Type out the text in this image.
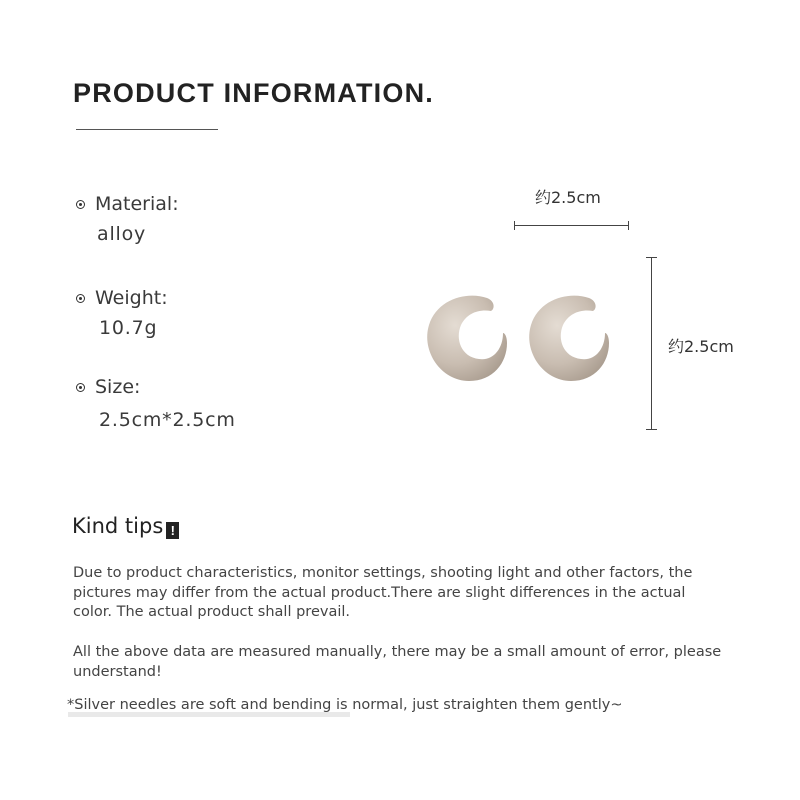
PRODUCT INFORMATION.
Material:
alloy
Weight:
10.7g
Size:
2.5cm*2.5cm
约2.5cm
约2.5cm
Kind tips !

Due to product characteristics, monitor settings, shooting light and other factors, the pictures may differ from the actual product.There are slight differences in the actual color. The actual product shall prevail.

All the above data are measured manually, there may be a small amount of error, please understand!

*Silver needles are soft and bending is normal, just straighten them gently~
